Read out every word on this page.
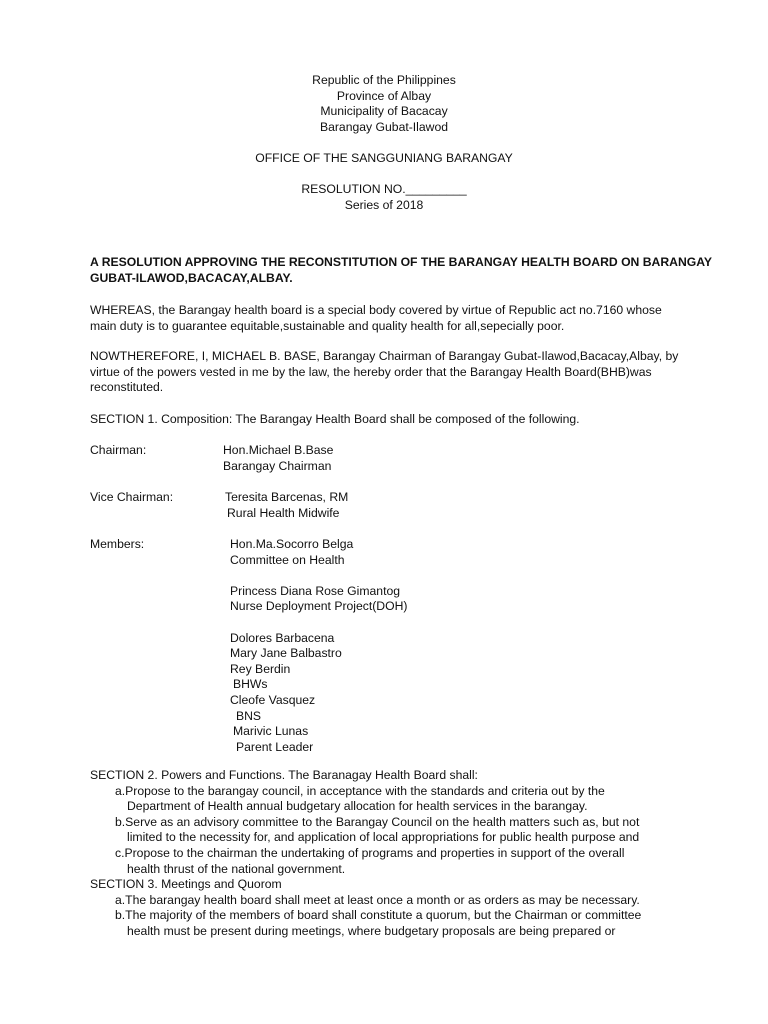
Republic of the Philippines
Province of Albay
Municipality of Bacacay
Barangay Gubat-Ilawod
OFFICE OF THE SANGGUNIANG BARANGAY
RESOLUTION NO._________
Series of 2018
A RESOLUTION APPROVING THE RECONSTITUTION OF THE BARANGAY HEALTH BOARD ON BARANGAY
GUBAT-ILAWOD,BACACAY,ALBAY.
WHEREAS, the Barangay health board is a special body covered by virtue of Republic act no.7160 whose
main duty is to guarantee equitable,sustainable and quality health for all,sepecially poor.
NOWTHEREFORE, I, MICHAEL B. BASE, Barangay Chairman of Barangay Gubat-Ilawod,Bacacay,Albay, by
virtue of the powers vested in me by the law, the hereby order that the Barangay Health Board(BHB)was
reconstituted.
SECTION 1. Composition: The Barangay Health Board shall be composed of the following.
Chairman:	Hon.Michael B.Base
Barangay Chairman
Vice Chairman:	Teresita Barcenas, RM
Rural Health Midwife
Members:	Hon.Ma.Socorro Belga
Committee on Health
Princess Diana Rose Gimantog
Nurse Deployment Project(DOH)
Dolores Barbacena
Mary Jane Balbastro
Rey Berdin
BHWs
Cleofe Vasquez
BNS
Marivic Lunas
Parent Leader
SECTION 2. Powers and Functions. The Baranagay Health Board shall:
a.Propose to the barangay council, in acceptance with the standards and criteria out by the
Department of Health annual budgetary allocation for health services in the barangay.
b.Serve as an advisory committee to the Barangay Council on the health matters such as, but not
limited to the necessity for, and application of local appropriations for public health purpose and
c.Propose to the chairman the undertaking of programs and properties in support of the overall
health thrust of the national government.
SECTION 3. Meetings and Quorom
a.The barangay health board shall meet at least once a month or as orders as may be necessary.
b.The majority of the members of board shall constitute a quorum, but the Chairman or committee
health must be present during meetings, where budgetary proposals are being prepared or
